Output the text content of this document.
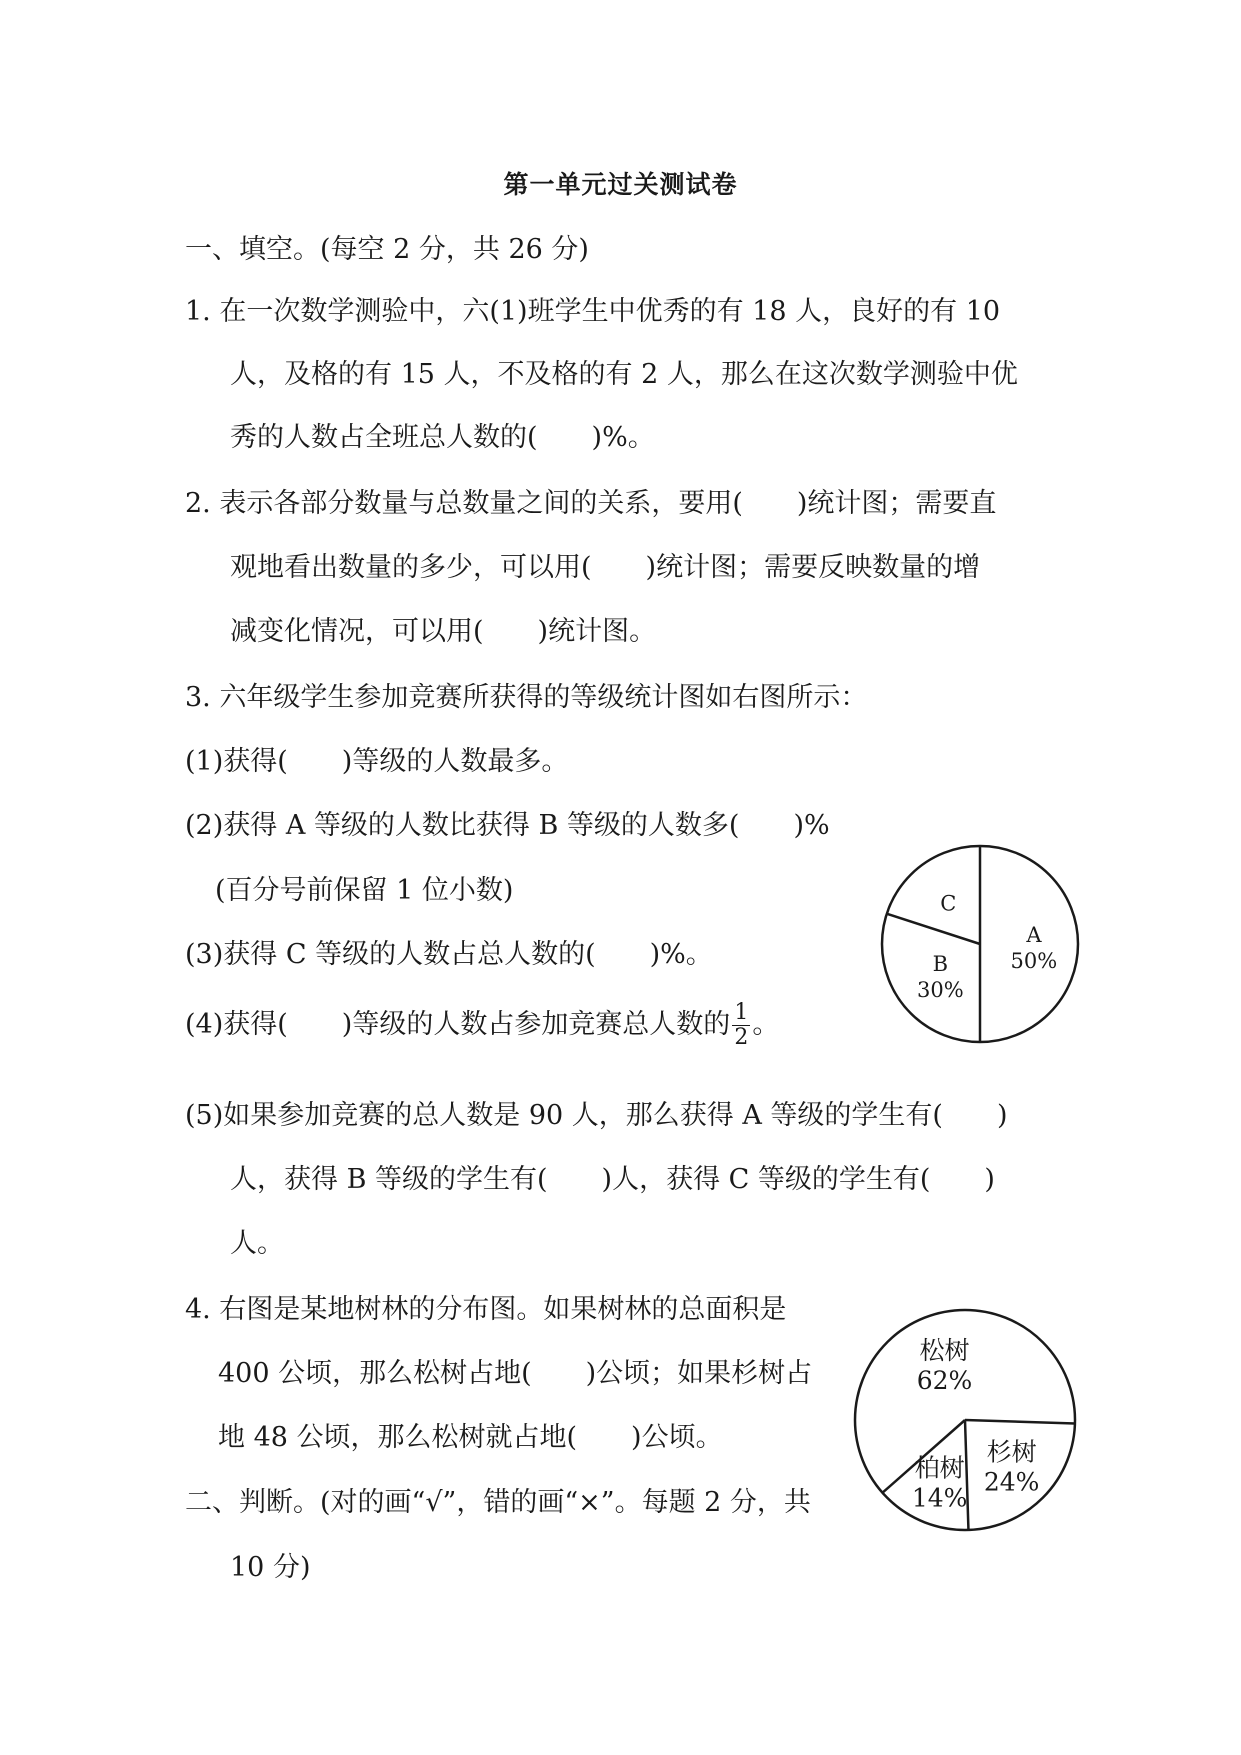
第一单元过关测试卷
一、填空。(每空 2 分，共 26 分)
1. 在一次数学测验中，六(1)班学生中优秀的有 18 人，良好的有 10
人，及格的有 15 人，不及格的有 2 人，那么在这次数学测验中优
秀的人数占全班总人数的(　　)%。
2. 表示各部分数量与总数量之间的关系，要用(　　)统计图；需要直
观地看出数量的多少，可以用(　　)统计图；需要反映数量的增
减变化情况，可以用(　　)统计图。
3. 六年级学生参加竞赛所获得的等级统计图如右图所示：
(1)获得(　　)等级的人数最多。
(2)获得 A 等级的人数比获得 B 等级的人数多(　　)%
(百分号前保留 1 位小数)
(3)获得 C 等级的人数占总人数的(　　)%。
(4)获得(　　)等级的人数占参加竞赛总人数的 $\frac{1}{2}$ 。
(5)如果参加竞赛的总人数是 90 人，那么获得 A 等级的学生有(　　)
人，获得 B 等级的学生有(　　)人，获得 C 等级的学生有(　　)
人。
4. 右图是某地树林的分布图。如果树林的总面积是
400 公顷，那么松树占地(　　)公顷；如果杉树占
地 48 公顷，那么松树就占地(　　)公顷。
二、判断。(对的画“√”，错的画“×”。每题 2 分，共
10 分)
A
50%
B
30%
C
松树
62%
杉树
24%
柏树
14%
